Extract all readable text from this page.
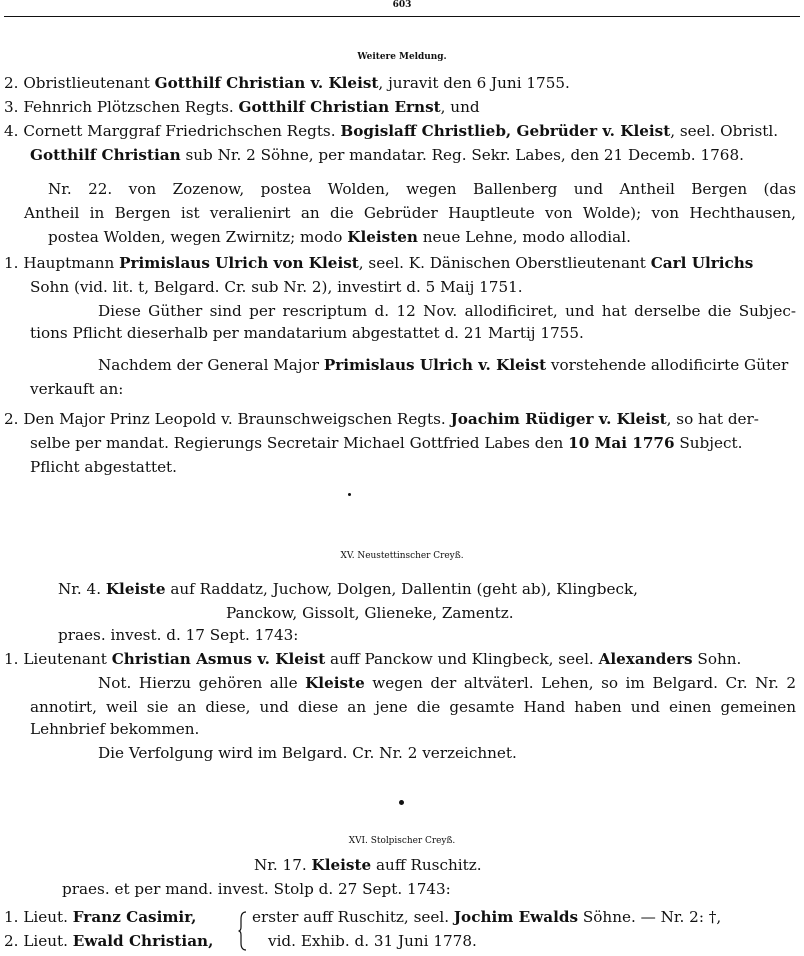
603
Weitere Meldung.
2. Obristlieutenant Gotthilf Christian v. Kleist, juravit den 6 Juni 1755.
3. Fehnrich Plötzschen Regts. Gotthilf Christian Ernst, und
4. Cornett Marggraf Friedrichschen Regts. Bogislaff Christlieb, Gebrüder v. Kleist, seel. Obristl.
Gotthilf Christian sub Nr. 2 Söhne, per mandatar. Reg. Sekr. Labes, den 21 Decemb. 1768.
Nr. 22. von Zozenow, postea Wolden, wegen Ballenberg und Antheil Bergen (das
Antheil in Bergen ist veralienirt an die Gebrüder Hauptleute von Wolde); von Hechthausen,
postea Wolden, wegen Zwirnitz; modo Kleisten neue Lehne, modo allodial.
1. Hauptmann Primislaus Ulrich von Kleist, seel. K. Dänischen Oberstlieutenant Carl Ulrichs
Sohn (vid. lit. t, Belgard. Cr. sub Nr. 2), investirt d. 5 Maij 1751.
Diese Güther sind per rescriptum d. 12 Nov. allodificiret, und hat derselbe die Subjec-
tions Pflicht dieserhalb per mandatarium abgestattet d. 21 Martij 1755.
Nachdem der General Major Primislaus Ulrich v. Kleist vorstehende allodificirte Güter
verkauft an:
2. Den Major Prinz Leopold v. Braunschweigschen Regts. Joachim Rüdiger v. Kleist, so hat der-
selbe per mandat. Regierungs Secretair Michael Gottfried Labes den 10 Mai 1776 Subject.
Pflicht abgestattet.
XV. Neustettinscher Creyß.
Nr. 4. Kleiste auf Raddatz, Juchow, Dolgen, Dallentin (geht ab), Klingbeck,
Panckow, Gissolt, Glieneke, Zamentz.
praes. invest. d. 17 Sept. 1743:
1. Lieutenant Christian Asmus v. Kleist auff Panckow und Klingbeck, seel. Alexanders Sohn.
Not. Hierzu gehören alle Kleiste wegen der altväterl. Lehen, so im Belgard. Cr. Nr. 2
annotirt, weil sie an diese, und diese an jene die gesamte Hand haben und einen gemeinen
Lehnbrief bekommen.
Die Verfolgung wird im Belgard. Cr. Nr. 2 verzeichnet.
XVI. Stolpischer Creyß.
Nr. 17. Kleiste auff Ruschitz.
praes. et per mand. invest. Stolp d. 27 Sept. 1743:
1. Lieut. Franz Casimir,
2. Lieut. Ewald Christian,
erster auff Ruschitz, seel. Jochim Ewalds Söhne. — Nr. 2: †,
vid. Exhib. d. 31 Juni 1778.
